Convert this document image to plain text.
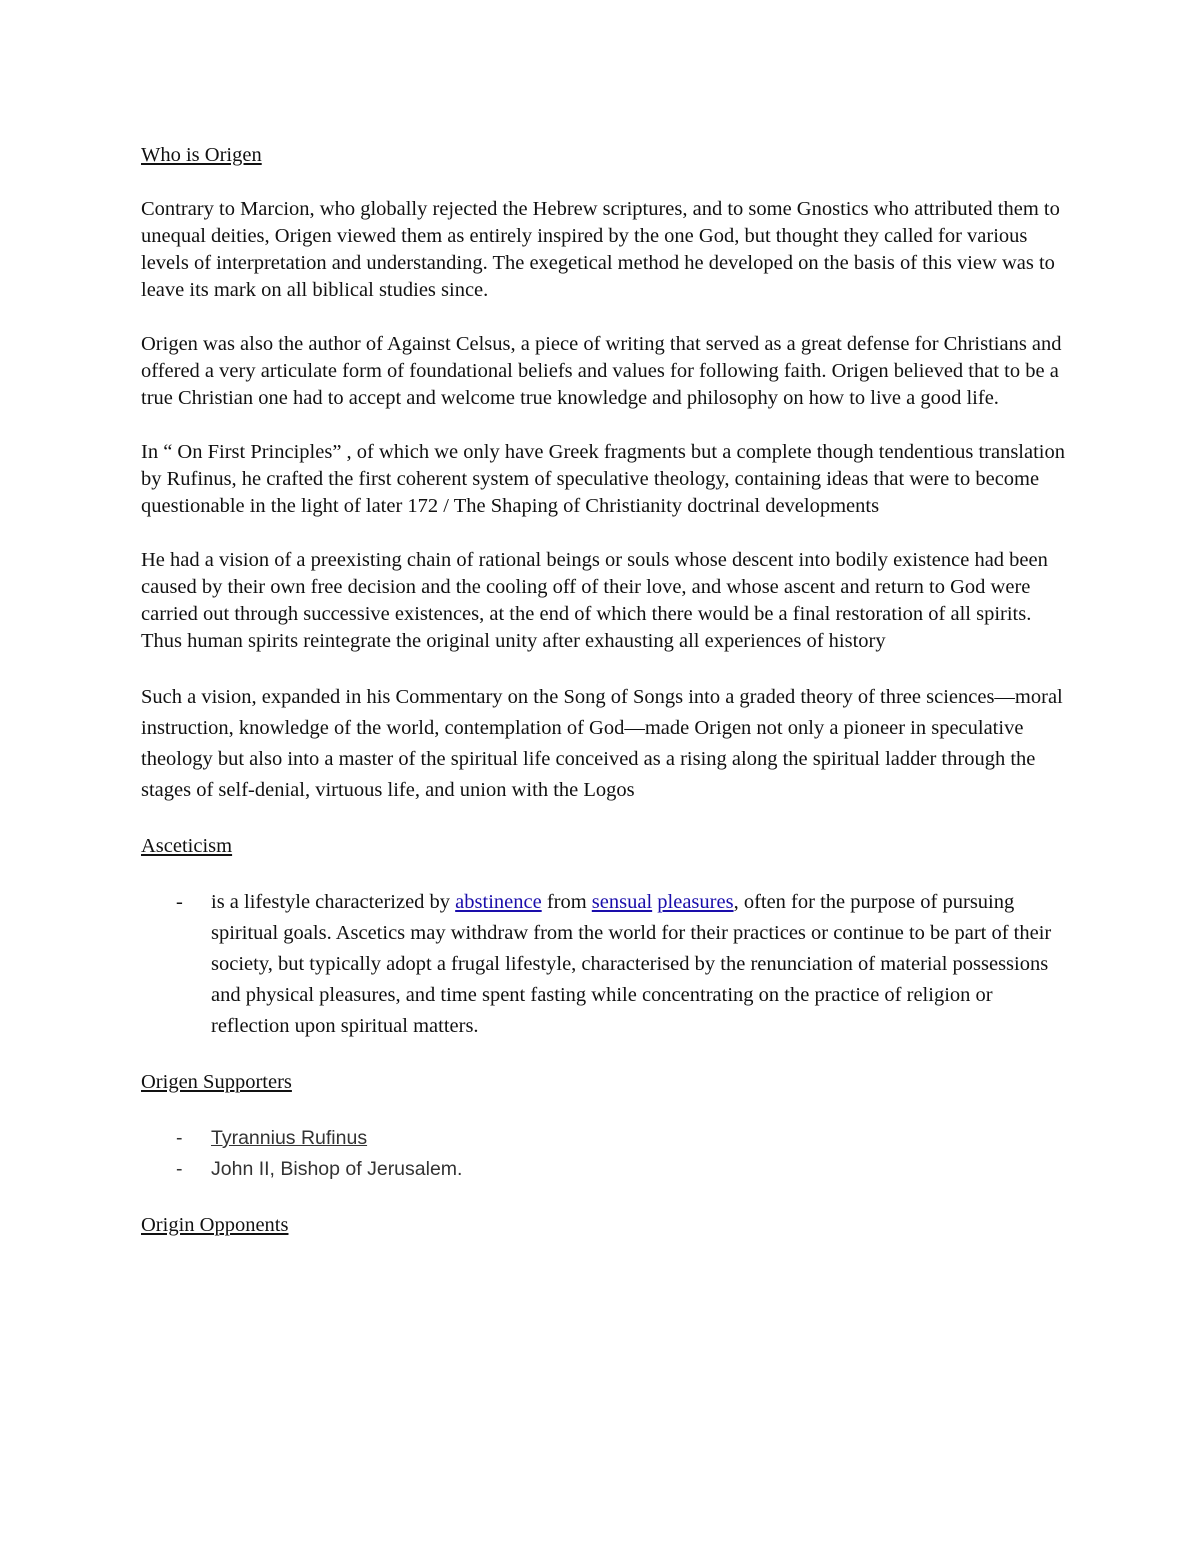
Who is Origen

Contrary to Marcion, who globally rejected the Hebrew scriptures, and to some Gnostics who attributed them to unequal deities, Origen viewed them as entirely inspired by the one God, but thought they called for various levels of interpretation and understanding. The exegetical method he developed on the basis of this view was to leave its mark on all biblical studies since.

Origen was also the author of Against Celsus, a piece of writing that served as a great defense for Christians and offered a very articulate form of foundational beliefs and values for following faith. Origen believed that to be a true Christian one had to accept and welcome true knowledge and philosophy on how to live a good life.

In “ On First Principles” , of which we only have Greek fragments but a complete though tendentious translation by Rufinus, he crafted the first coherent system of speculative theology, containing ideas that were to become questionable in the light of later 172 / The Shaping of Christianity doctrinal developments

He had a vision of a preexisting chain of rational beings or souls whose descent into bodily existence had been caused by their own free decision and the cooling off of their love, and whose ascent and return to God were carried out through successive existences, at the end of which there would be a final restoration of all spirits. Thus human spirits reintegrate the original unity after exhausting all experiences of history

Such a vision, expanded in his Commentary on the Song of Songs into a graded theory of three sciences—moral instruction, knowledge of the world, contemplation of God—made Origen not only a pioneer in speculative theology but also into a master of the spiritual life conceived as a rising along the spiritual ladder through the stages of self-denial, virtuous life, and union with the Logos

Asceticism

- is a lifestyle characterized by abstinence from sensual pleasures, often for the purpose of pursuing spiritual goals. Ascetics may withdraw from the world for their practices or continue to be part of their society, but typically adopt a frugal lifestyle, characterised by the renunciation of material possessions and physical pleasures, and time spent fasting while concentrating on the practice of religion or reflection upon spiritual matters.

Origen Supporters

- Tyrannius Rufinus
- John II, Bishop of Jerusalem.

Origin Opponents
